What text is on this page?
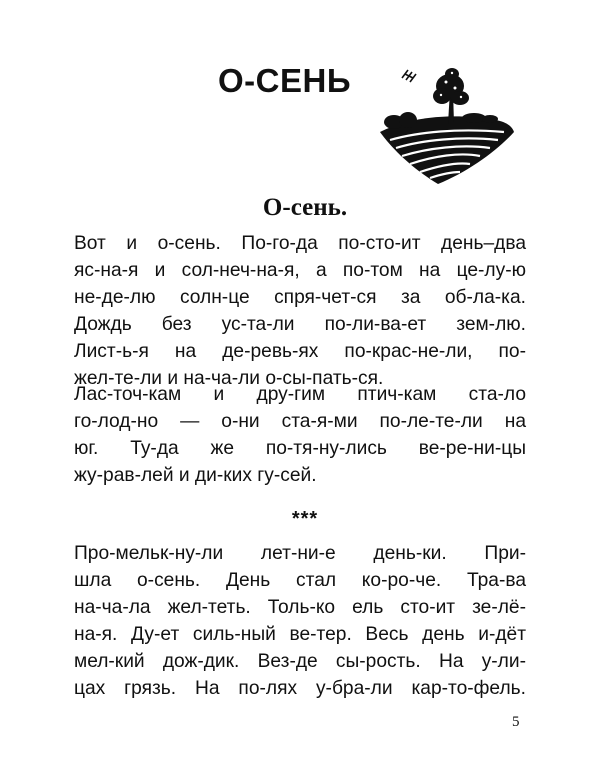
О-СЕНЬ
О-сень.
Вот и о-сень. По-го-да по-сто-ит день–два
яс-на-я и сол-неч-на-я, а по-том на це-лу-ю
не-де-лю солн-це спря-чет-ся за об-ла-ка.
Дождь без ус-та-ли по-ли-ва-ет зем-лю.
Лист-ь-я на де-ревь-ях по-крас-не-ли, по-
жел-те-ли и на-ча-ли о-сы-пать-ся.
Лас-точ-кам и дру-гим птич-кам ста-ло
го-лод-но — о-ни ста-я-ми по-ле-те-ли на
юг. Ту-да же по-тя-ну-лись ве-ре-ни-цы
жу-рав-лей и ди-ких гу-сей.
***
Про-мельк-ну-ли лет-ни-е день-ки. При-
шла о-сень. День стал ко-ро-че. Тра-ва
на-ча-ла жел-теть. Толь-ко ель сто-ит зе-лё-
на-я. Ду-ет силь-ный ве-тер. Весь день и-дёт
мел-кий дож-дик. Вез-де сы-рость. На у-ли-
цах грязь. На по-лях у-бра-ли кар-то-фель.
5
